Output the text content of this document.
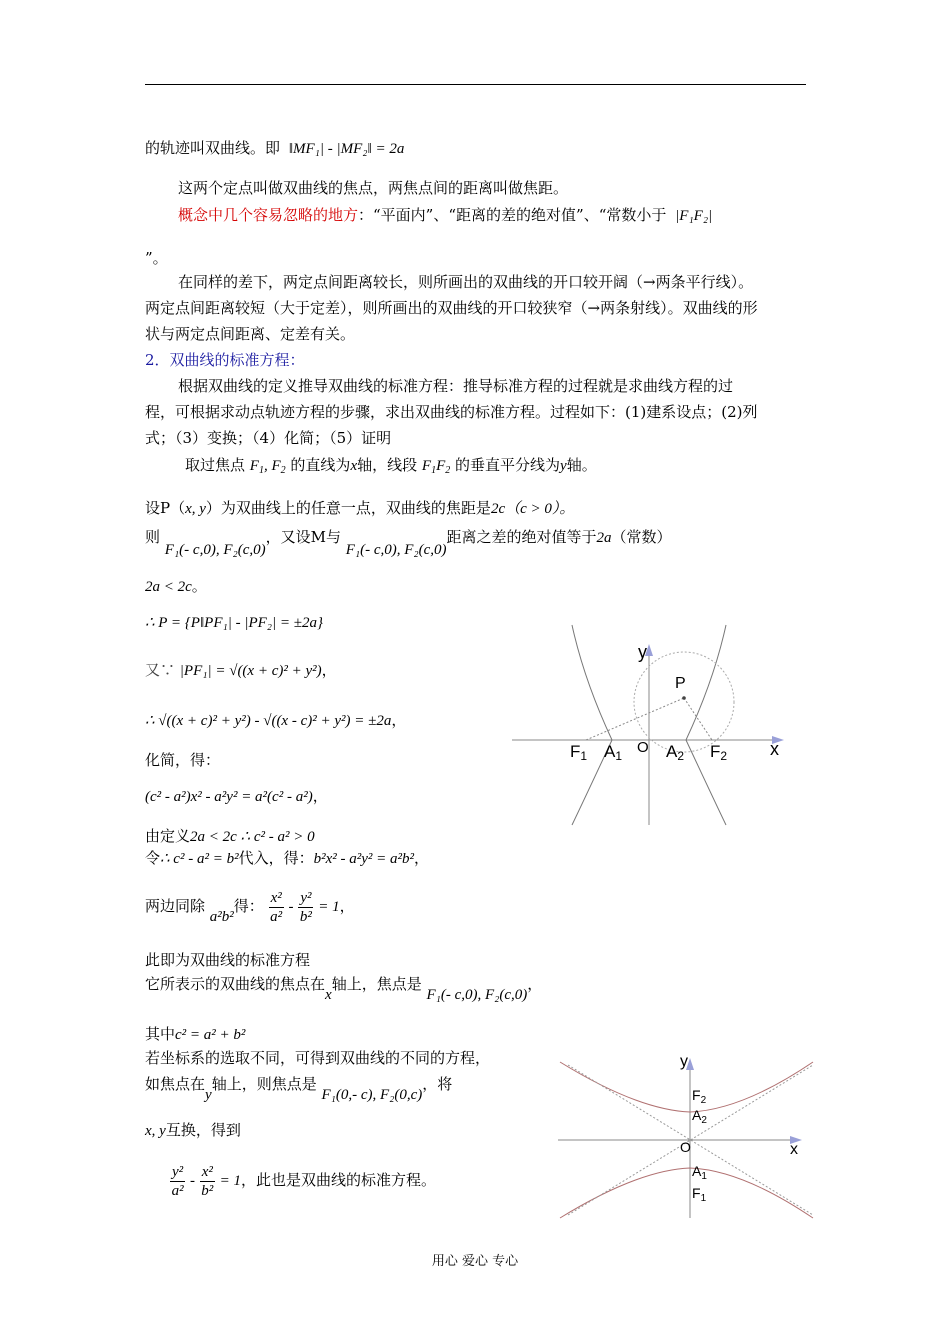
的轨迹叫双曲线。即 ‖MF₁| - |MF₂‖ = 2a
这两个定点叫做双曲线的焦点，两焦点间的距离叫做焦距。
概念中几个容易忽略的地方：“平面内”、“距离的差的绝对值”、“常数小于 |F₁F₂|
”。
在同样的差下，两定点间距离较长，则所画出的双曲线的开口较开阔（→两条平行线）。
两定点间距离较短（大于定差），则所画出的双曲线的开口较狭窄（→两条射线）。双曲线的形
状与两定点间距离、定差有关。
2．双曲线的标准方程：
根据双曲线的定义推导双曲线的标准方程：推导标准方程的过程就是求曲线方程的过
程，可根据求动点轨迹方程的步骤，求出双曲线的标准方程。过程如下：(1)建系设点；(2)列
式；（3）变换；（4）化简；（5）证明
取过焦点 $F_1$, $F_2$ 的直线为x轴，线段 $F_1F_2$ 的垂直平分线为y轴。
设P（x, y）为双曲线上的任意一点，双曲线的焦距是2c（c > 0）。
则 F₁(- c,0), F₂(c,0)，又设M与 F₁(- c,0), F₂(c,0)距离之差的绝对值等于2a（常数）
2a < 2c。
∴ P = {P‖PF₁| - |PF₂| = ±2a}
又∵ |PF₁| = √((x + c)² + y²)，
∴ √((x + c)² + y²) - √((x - c)² + y²) = ±2a，
化简，得：
(c² - a²)x² - a²y² = a²(c² - a²)，
由定义2a < 2c ∴ c² - a² > 0
令∴ c² - a² = b²代入，得：b²x² - a²y² = a²b²，
两边同除 a²b²得： $\frac{\text{x²}}{\text{a²}} - \frac{\text{y²}}{\text{b²}} = 1$，
此即为双曲线的标准方程
它所表示的双曲线的焦点在x轴上，焦点是 F₁(- c,0), F₂(c,0)，
其中c² = a² + b²
若坐标系的选取不同，可得到双曲线的不同的方程，
如焦点在y轴上，则焦点是 F₁(0,- c), F₂(0,c)，将
x, y互换，得到
$\frac{\text{y²}}{\text{a²}} - \frac{\text{x²}}{\text{b²}} = 1$，此也是双曲线的标准方程。
y
x
P
O
F1 A1	A2 F2
y
x
O
$F_2$
$A_2$
$A_1$
$F_1$
用心 爱心 专心
